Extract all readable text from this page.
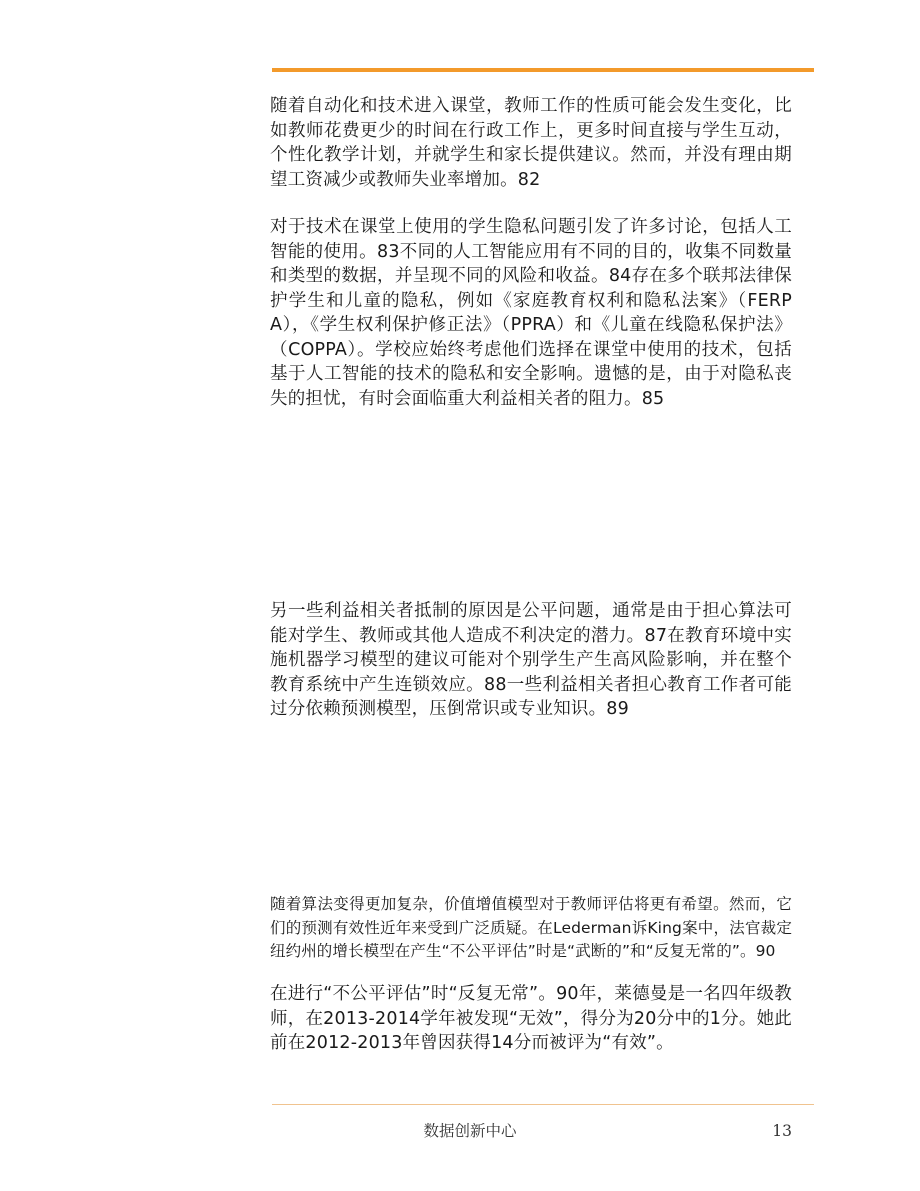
随着自动化和技术进入课堂，教师工作的性质可能会发生变化，比如教师花费更少的时间在行政工作上，更多时间直接与学生互动，个性化教学计划，并就学生和家长提供建议。然而，并没有理由期望工资减少或教师失业率增加。82

对于技术在课堂上使用的学生隐私问题引发了许多讨论，包括人工智能的使用。83不同的人工智能应用有不同的目的，收集不同数量和类型的数据，并呈现不同的风险和收益。84存在多个联邦法律保护学生和儿童的隐私，例如《家庭教育权利和隐私法案》（FERPA），《学生权利保护修正法》（PPRA）和《儿童在线隐私保护法》（COPPA）。学校应始终考虑他们选择在课堂中使用的技术，包括基于人工智能的技术的隐私和安全影响。遗憾的是，由于对隐私丧失的担忧，有时会面临重大利益相关者的阻力。85

另一些利益相关者抵制的原因是公平问题，通常是由于担心算法可能对学生、教师或其他人造成不利决定的潜力。87在教育环境中实施机器学习模型的建议可能对个别学生产生高风险影响，并在整个教育系统中产生连锁效应。88一些利益相关者担心教育工作者可能过分依赖预测模型，压倒常识或专业知识。89

随着算法变得更加复杂，价值增值模型对于教师评估将更有希望。然而，它们的预测有效性近年来受到广泛质疑。在Lederman诉King案中，法官裁定纽约州的增长模型在产生“不公平评估”时是“武断的”和“反复无常的”。90

在进行“不公平评估”时“反复无常”。90年，莱德曼是一名四年级教师，在2013-2014学年被发现“无效”，得分为20分中的1分。她此前在2012-2013年曾因获得14分而被评为“有效”。

数据创新中心	13
